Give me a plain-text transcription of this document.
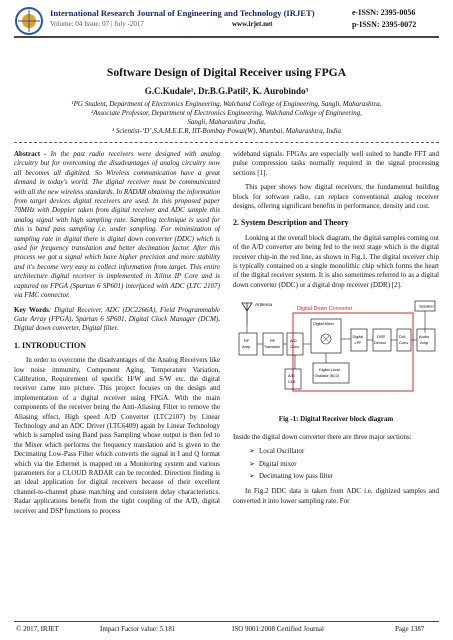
International Research Journal of Engineering and Technology (IRJET)	e-ISSN: 2395-0056
Volume: 04 Issue: 07 | July -2017	www.irjet.net	p-ISSN: 2395-0072
Software Design of Digital Receiver using FPGA
G.C.Kudale¹, Dr.B.G.Patil², K. Aurobindo³
¹PG Student, Department of Electronics Engineering, Walchand College of Engineering, Sangli, Maharashtra,
²Associate Professor, Department of Electronics Engineering, Walchand College of Engineering,
Sangli, Maharashtra ,India,
³ Scientist-‘D’,S.A.M.E.E.R, IIT-Bombay Powai(W), Mumbai, Maharashtra, India

Abstract - In the past radio receivers were designed with analog circuitry but for overcoming the disadvantages of analog circuitry now all becomes all digitized. So Wireless communication have a great demand in today's world. The digital receiver must be communicated with all the new wireless standards. In RADAR obtaining the information from target devices digital receivers are used. In this proposed paper 70MHz with Doppler taken from digital receiver and ADC sample this analog signal with high sampling rate. Sampling technique is used for this is band pass sampling i.e. under sampling. For minimization of sampling rate in digital there is digital down converter (DDC) which is used for frequency translation and better decimation factor. After this process we got a signal which have higher precision and more stability and it's become very easy to collect information from target. This entire architecture digital receiver is implemented in Xilinx IP Core and is captured on FPGA (Spartan 6 SP601) interfaced with ADC (LTC 2107) via FMC connector.

Key Words: Digital Receiver, ADC (DC2266A), Field Programmable Gate Array (FPGA), Spartan 6 SP601, Digital Clock Manager (DCM), Digital down converter, Digital filter.

1. INTRODUCTION

In order to overcome the disadvantages of the Analog Receivers like low noise immunity, Component Aging, Temperature Variation, Calibration, Requirement of specific H/W and S/W etc. the digital receiver came into picture. This project focuses on the design and implementation of a digital receiver using FPGA. With the main components of the receiver being the Anti-Aliasing Filter to remove the Aliasing effect, High speed A/D Converter (LTC2107) by Linear Technology and an ADC Driver (LTC6409) again by Linear Technology which is sampled using Band pass Sampling whose output is then fed to the Mixer which performs the frequency translation and is given to the Decimating Low-Pass Filter which converts the signal in I and Q format which via the Ethernet is mapped on a Monitoring system and various parameters for a CLOUD RADAR can be recorded. Direction finding is an ideal application for digital receivers because of their excellent channel-to-channel phase matching and consistent delay characteristics. Radar applications benefit from the tight coupling of the A/D, digital receiver and DSP functions to process

wideband signals. FPGAs are especially well suited to handle FFT and pulse compression tasks normally required in the signal processing sections [1].

This paper shows how digital receivers, the fundamental building block for software radio, can replace conventional analog receiver designs, offering significant benefits in performance, density and cost.

2. System Description and Theory

Looking at the overall block diagram, the digital samples coming out of the A/D converter are being fed to the next stage which is the digital receiver chip-in the red line, as shown in Fig.1. The digital receiver chip is typically contained on a single monolithic chip which forms the heart of the digital receiver system. It is also sometimes referred to as a digital down converter (DDC) or a digital drop receiver (DDR) [2].

Antenna
Digital Down Converter	Speaker
RF
Amp
RF
Translator
A/D
Conv
Digital Mixer
Digital
LPF
DSP
Demod
D/A
Conv
Audio
Amp
A/D
CLK
Digital Local
Oscillator (NCO)
Fig -1: Digital Receiver block diagram

Inside the digital down converter there are three major sections:

➢ Local Oscillator
➢ Digital mixer
➢ Decimating low pass filter

In Fig.2 DDC data is taken from ADC i.e. digitized samples and converted it into lower sampling rate. For

© 2017, IRJET	Impact Factor value: 5.181	ISO 9001:2008 Certified Journal	Page 1387
